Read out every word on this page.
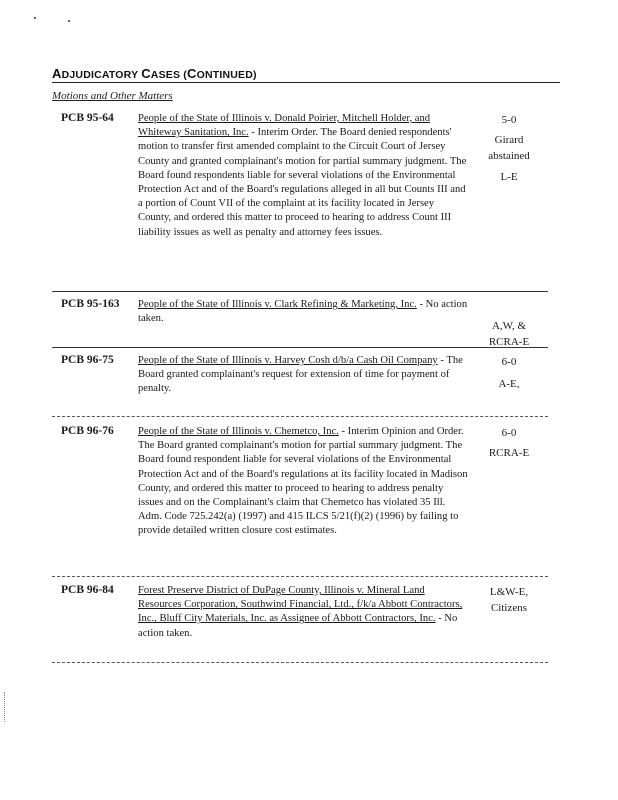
ADJUDICATORY CASES (CONTINUED)
Motions and Other Matters
PCB 95-64 People of the State of Illinois v. Donald Poirier, Mitchell Holder, and Whiteway Sanitation, Inc. - Interim Order. The Board denied respondents' motion to transfer first amended complaint to the Circuit Court of Jersey County and granted complainant's motion for partial summary judgment. The Board found respondents liable for several violations of the Environmental Protection Act and of the Board's regulations alleged in all but Counts III and a portion of Count VII of the complaint at its facility located in Jersey County, and ordered this matter to proceed to hearing to address Count III liability issues as well as penalty and attorney fees issues.
5-0
Girard
abstained
L-E
PCB 95-163 People of the State of Illinois v. Clark Refining & Marketing, Inc. - No action taken.
A,W, &
RCRA-E
PCB 96-75 People of the State of Illinois v. Harvey Cosh d/b/a Cash Oil Company - The Board granted complainant's request for extension of time for payment of penalty.
6-0
A-E,
PCB 96-76 People of the State of Illinois v. Chemetco, Inc. - Interim Opinion and Order. The Board granted complainant's motion for partial summary judgment. The Board found respondent liable for several violations of the Environmental Protection Act and of the Board's regulations at its facility located in Madison County, and ordered this matter to proceed to hearing to address penalty issues and on the Complainant's claim that Chemetco has violated 35 Ill. Adm. Code 725.242(a) (1997) and 415 ILCS 5/21(f)(2) (1996) by failing to provide detailed written closure cost estimates.
6-0
RCRA-E
PCB 96-84 Forest Preserve District of DuPage County, Illinois v. Mineral Land Resources Corporation, Southwind Financial, Ltd., f/k/a Abbott Contractors, Inc., Bluff City Materials, Inc. as Assignee of Abbott Contractors, Inc. - No action taken.
L&W-E,
Citizens
